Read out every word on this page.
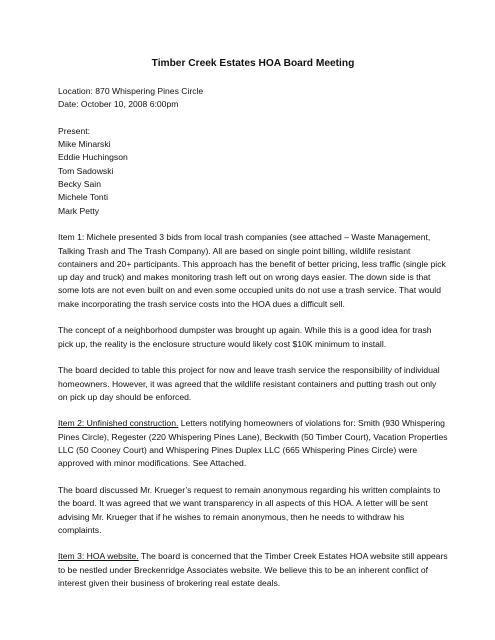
Timber Creek Estates HOA Board Meeting

Location: 870 Whispering Pines Circle
Date: October 10, 2008 6:00pm

Present:
Mike Minarski
Eddie Huchingson
Tom Sadowski
Becky Sain
Michele Tonti
Mark Petty

Item 1: Michele presented 3 bids from local trash companies (see attached – Waste Management, Talking Trash and The Trash Company). All are based on single point billing, wildlife resistant containers and 20+ participants. This approach has the benefit of better pricing, less traffic (single pick up day and truck) and makes monitoring trash left out on wrong days easier. The down side is that some lots are not even built on and even some occupied units do not use a trash service. That would make incorporating the trash service costs into the HOA dues a difficult sell.

The concept of a neighborhood dumpster was brought up again. While this is a good idea for trash pick up, the reality is the enclosure structure would likely cost $10K minimum to install.

The board decided to table this project for now and leave trash service the responsibility of individual homeowners. However, it was agreed that the wildlife resistant containers and putting trash out only on pick up day should be enforced.

Item 2: Unfinished construction. Letters notifying homeowners of violations for: Smith (930 Whispering Pines Circle), Regester (220 Whispering Pines Lane), Beckwith (50 Timber Court), Vacation Properties LLC (50 Cooney Court) and Whispering Pines Duplex LLC (665 Whispering Pines Circle) were approved with minor modifications. See Attached.

The board discussed Mr. Krueger’s request to remain anonymous regarding his written complaints to the board. It was agreed that we want transparency in all aspects of this HOA. A letter will be sent advising Mr. Krueger that if he wishes to remain anonymous, then he needs to withdraw his complaints.

Item 3: HOA website. The board is concerned that the Timber Creek Estates HOA website still appears to be nestled under Breckenridge Associates website. We believe this to be an inherent conflict of interest given their business of brokering real estate deals.
